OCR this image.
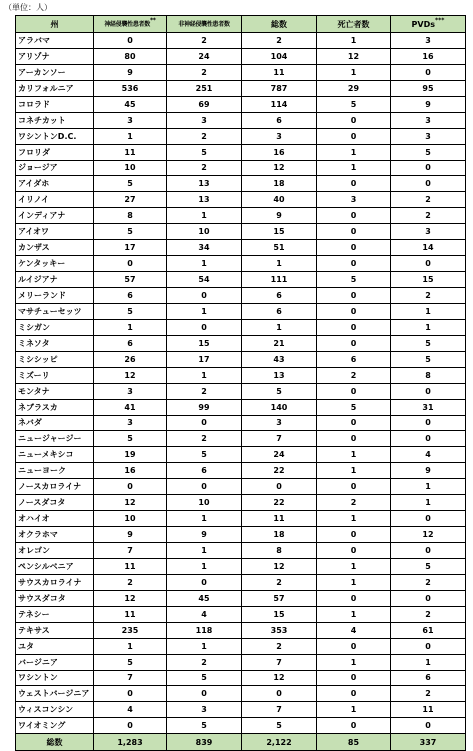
（単位：人）
州	神経侵襲性患者数**	非神経侵襲性患者数	総数	死亡者数	PVDs***
アラバマ	0	2	2	1	3
アリゾナ	80	24	104	12	16
アーカンソー	9	2	11	1	0
カリフォルニア	536	251	787	29	95
コロラド	45	69	114	5	9
コネチカット	3	3	6	0	3
ワシントンD.C.	1	2	3	0	3
フロリダ	11	5	16	1	5
ジョージア	10	2	12	1	0
アイダホ	5	13	18	0	0
イリノイ	27	13	40	3	2
インディアナ	8	1	9	0	2
アイオワ	5	10	15	0	3
カンザス	17	34	51	0	14
ケンタッキー	0	1	1	0	0
ルイジアナ	57	54	111	5	15
メリーランド	6	0	6	0	2
マサチューセッツ	5	1	6	0	1
ミシガン	1	0	1	0	1
ミネソタ	6	15	21	0	5
ミシシッピ	26	17	43	6	5
ミズーリ	12	1	13	2	8
モンタナ	3	2	5	0	0
ネブラスカ	41	99	140	5	31
ネバダ	3	0	3	0	0
ニュージャージー	5	2	7	0	0
ニューメキシコ	19	5	24	1	4
ニューヨーク	16	6	22	1	9
ノースカロライナ	0	0	0	0	1
ノースダコタ	12	10	22	2	1
オハイオ	10	1	11	1	0
オクラホマ	9	9	18	0	12
オレゴン	7	1	8	0	0
ペンシルベニア	11	1	12	1	5
サウスカロライナ	2	0	2	1	2
サウスダコタ	12	45	57	0	0
テネシー	11	4	15	1	2
テキサス	235	118	353	4	61
ユタ	1	1	2	0	0
バージニア	5	2	7	1	1
ワシントン	7	5	12	0	6
ウェストバージニア	0	0	0	0	2
ウィスコンシン	4	3	7	1	11
ワイオミング	0	5	5	0	0
総数	1,283	839	2,122	85	337
